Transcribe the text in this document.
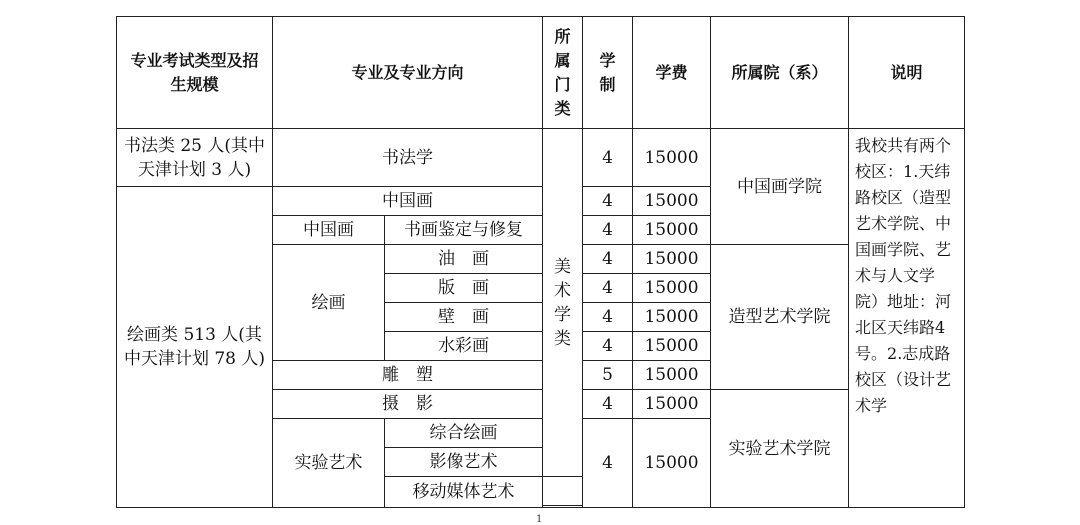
专业考试类型及招生规模	专业及专业方向		所属门类	学制	学费	所属院（系）	说明
书法类 25 人(其中天津计划 3 人)	书法学		美术学类	4	15000	中国画学院	我校共有两个校区：1.天纬路校区（造型艺术学院、中国画学院、艺术与人文学院）地址：河北区天纬路4号。2.志成路校区（设计艺术学
绘画类 513 人(其中天津计划 78 人)	中国画			4	15000		
	中国画	书画鉴定与修复		4	15000		
	绘画	油　画		4	15000	造型艺术学院	
		版　画		4	15000		
		壁　画		4	15000		
		水彩画		4	15000		
	雕　塑			5	15000		
	摄　影			4	15000	实验艺术学院	
	实验艺术	综合绘画		4	15000		
		影像艺术					
		移动媒体艺术					

1
